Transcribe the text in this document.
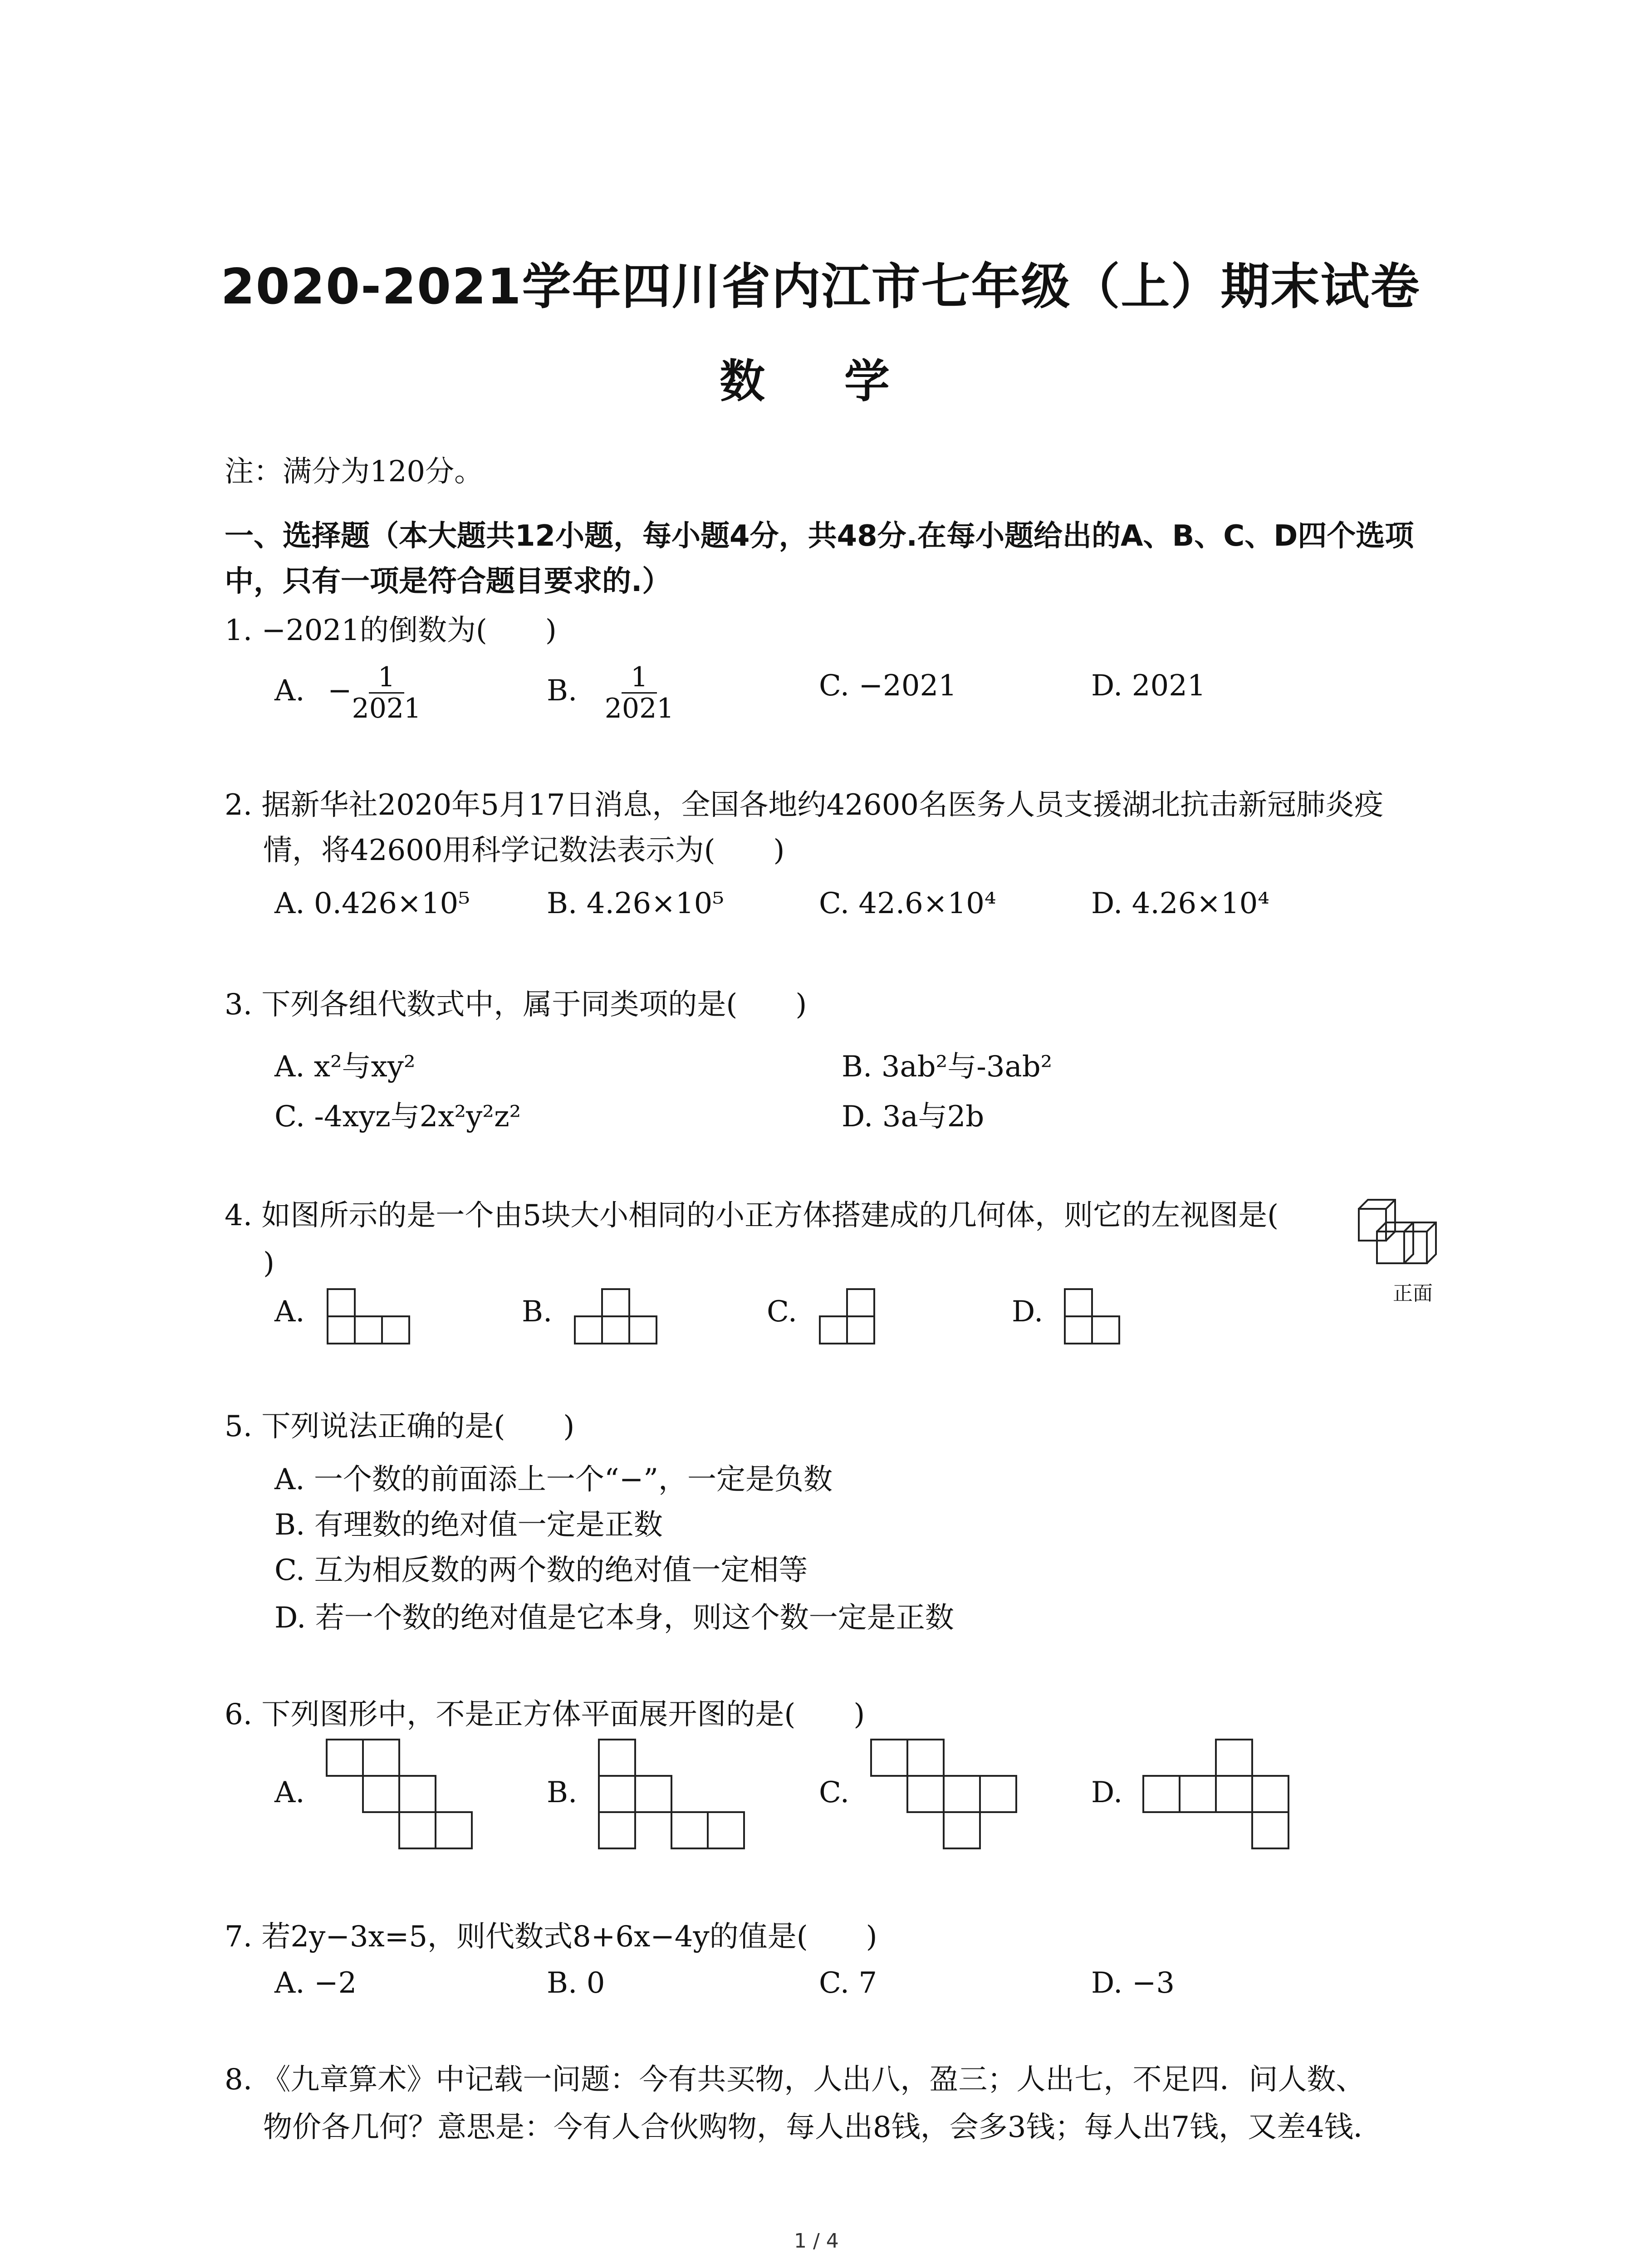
2020-2021学年四川省内江市七年级（上）期末试卷
数 学
注：满分为120分。
一、选择题（本大题共12小题，每小题4分，共48分.在每小题给出的A、B、C、D四个选项
中，只有一项是符合题目要求的.）
1. −2021的倒数为(　　)
A. − $\frac{1}{2021}$	B. $\frac{1}{2021}$	C. −2021	D. 2021
2. 据新华社2020年5月17日消息，全国各地约42600名医务人员支援湖北抗击新冠肺炎疫
情，将42600用科学记数法表示为(　　)
A. 0.426×10⁵	B. 4.26×10⁵	C. 42.6×10⁴	D. 4.26×10⁴
3. 下列各组代数式中，属于同类项的是(　　)
A. x²与xy²	B. 3ab²与-3ab²
C. -4xyz与2x²y²z²	D. 3a与2b
4. 如图所示的是一个由5块大小相同的小正方体搭建成的几何体，则它的左视图是(
)
正面
A.	B.	C.	D.
5. 下列说法正确的是(　　)
A. 一个数的前面添上一个“−”，一定是负数
B. 有理数的绝对值一定是正数
C. 互为相反数的两个数的绝对值一定相等
D. 若一个数的绝对值是它本身，则这个数一定是正数
6. 下列图形中，不是正方体平面展开图的是(　　)
A.	B.	C.	D.
7. 若2y−3x=5，则代数式8+6x−4y的值是(　　)
A. −2	B. 0	C. 7	D. −3
8. 《九章算术》中记载一问题：今有共买物，人出八，盈三；人出七，不足四．问人数、
物价各几何？意思是：今有人合伙购物，每人出8钱，会多3钱；每人出7钱，又差4钱．
1 / 4
